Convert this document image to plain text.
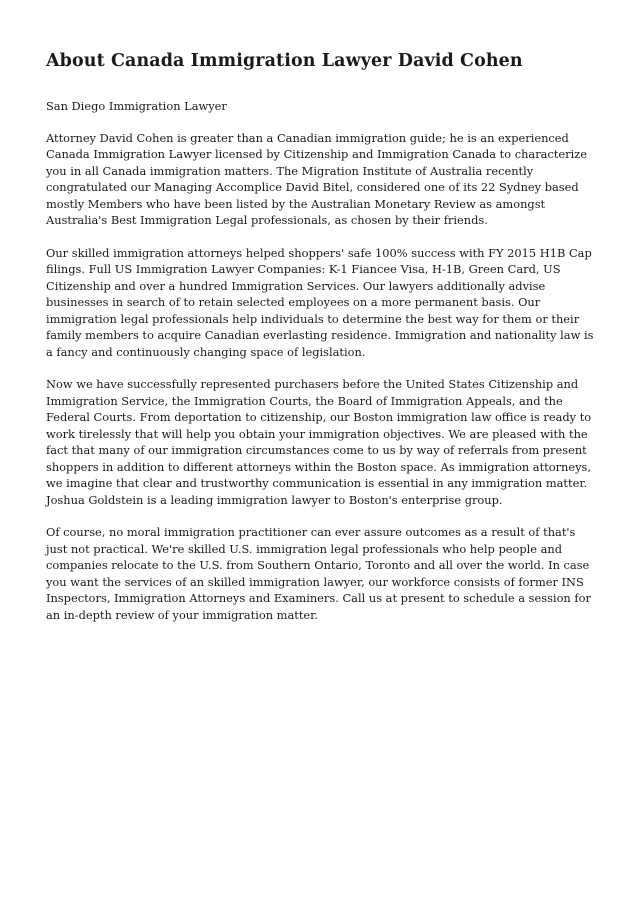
About Canada Immigration Lawyer David Cohen

San Diego Immigration Lawyer

Attorney David Cohen is greater than a Canadian immigration guide; he is an experienced Canada Immigration Lawyer licensed by Citizenship and Immigration Canada to characterize you in all Canada immigration matters. The Migration Institute of Australia recently congratulated our Managing Accomplice David Bitel, considered one of its 22 Sydney based mostly Members who have been listed by the Australian Monetary Review as amongst Australia's Best Immigration Legal professionals, as chosen by their friends.

Our skilled immigration attorneys helped shoppers' safe 100% success with FY 2015 H1B Cap filings. Full US Immigration Lawyer Companies: K-1 Fiancee Visa, H-1B, Green Card, US Citizenship and over a hundred Immigration Services. Our lawyers additionally advise businesses in search of to retain selected employees on a more permanent basis. Our immigration legal professionals help individuals to determine the best way for them or their family members to acquire Canadian everlasting residence. Immigration and nationality law is a fancy and continuously changing space of legislation.

Now we have successfully represented purchasers before the United States Citizenship and Immigration Service, the Immigration Courts, the Board of Immigration Appeals, and the Federal Courts. From deportation to citizenship, our Boston immigration law office is ready to work tirelessly that will help you obtain your immigration objectives. We are pleased with the fact that many of our immigration circumstances come to us by way of referrals from present shoppers in addition to different attorneys within the Boston space. As immigration attorneys, we imagine that clear and trustworthy communication is essential in any immigration matter. Joshua Goldstein is a leading immigration lawyer to Boston's enterprise group.

Of course, no moral immigration practitioner can ever assure outcomes as a result of that's just not practical. We're skilled U.S. immigration legal professionals who help people and companies relocate to the U.S. from Southern Ontario, Toronto and all over the world. In case you want the services of an skilled immigration lawyer, our workforce consists of former INS Inspectors, Immigration Attorneys and Examiners. Call us at present to schedule a session for an in-depth review of your immigration matter.
